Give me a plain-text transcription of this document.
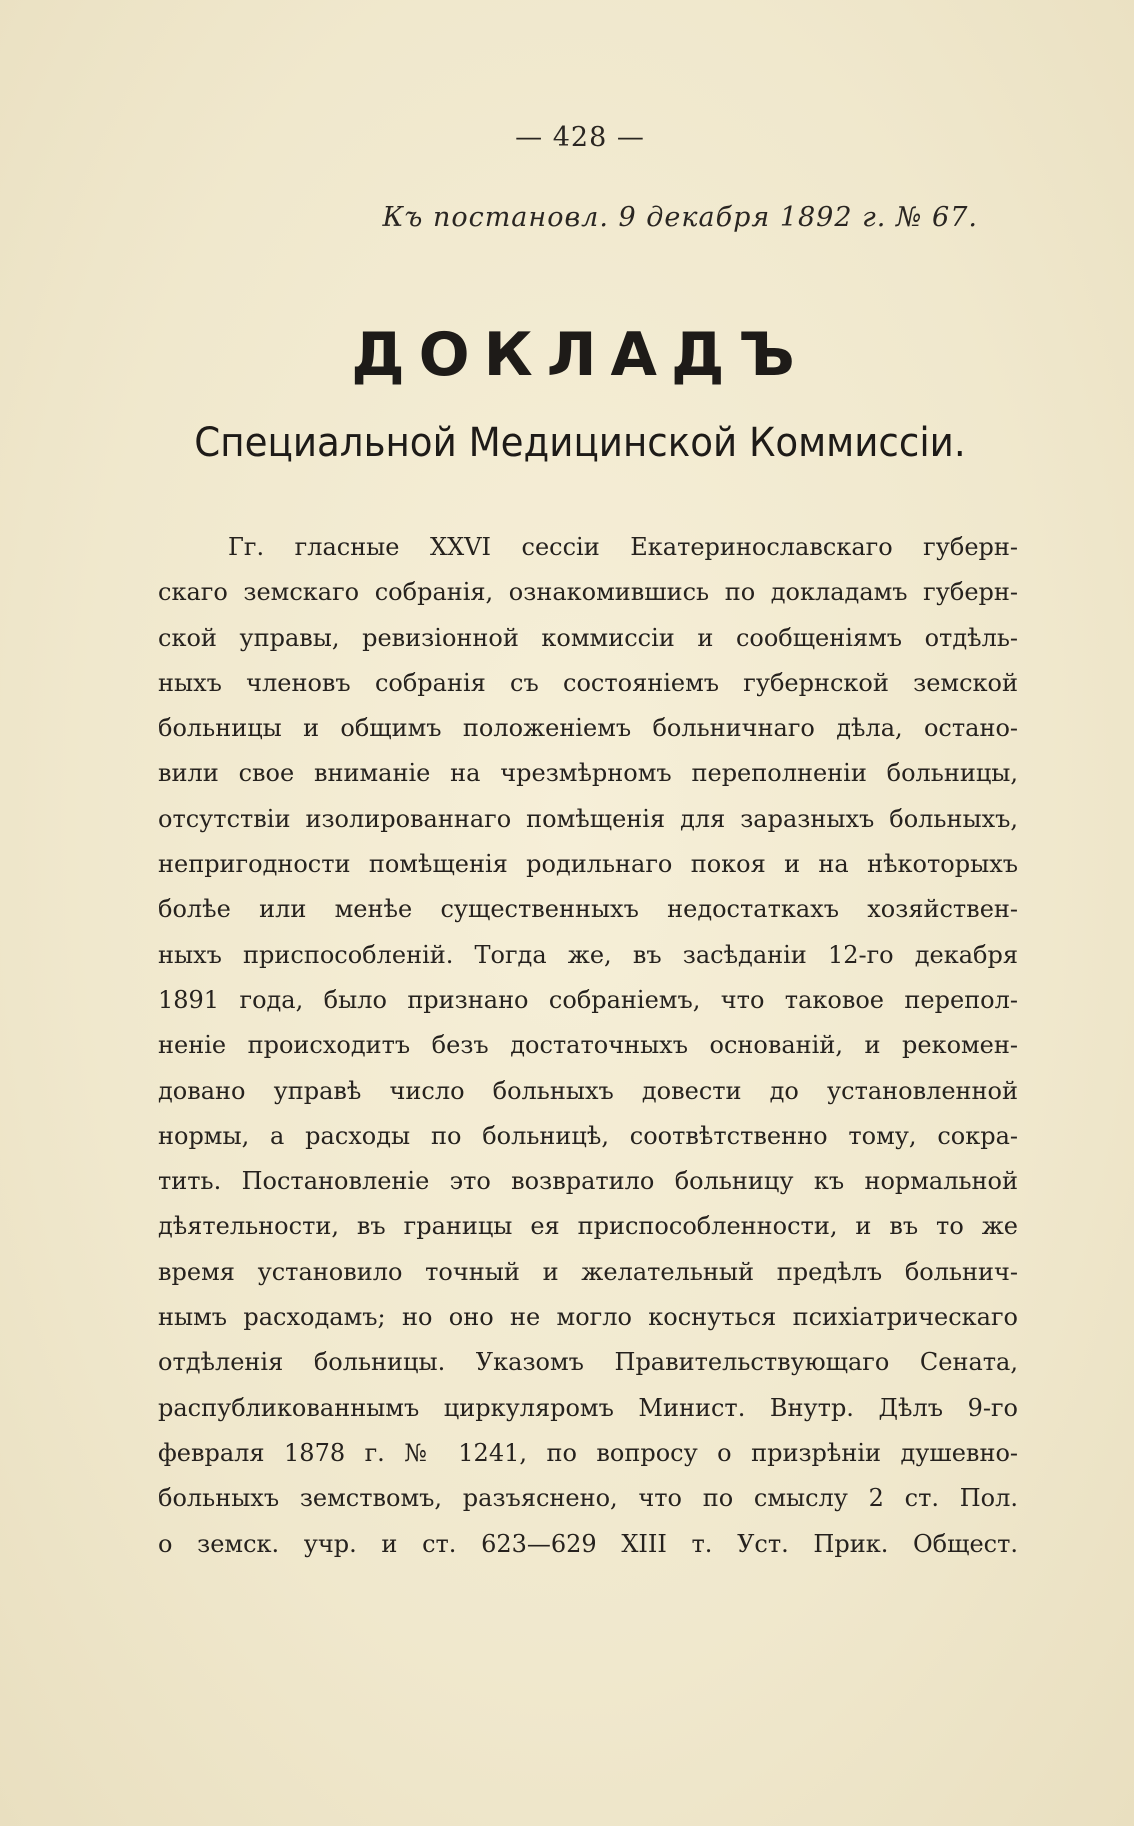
— 428 —
Къ постановл. 9 декабря 1892 г. № 67.
ДОКЛАДЪ
Специальной Медицинской Коммиссіи.
Гг. гласные XXVI сессіи Екатеринославскаго губерн-
скаго земскаго собранія, ознакомившись по докладамъ губерн-
ской управы, ревизіонной коммиссіи и сообщеніямъ отдѣль-
ныхъ членовъ собранія съ состояніемъ губернской земской
больницы и общимъ положеніемъ больничнаго дѣла, остано-
вили свое вниманіе на чрезмѣрномъ переполненіи больницы,
отсутствіи изолированнаго помѣщенія для заразныхъ больныхъ,
непригодности помѣщенія родильнаго покоя и на нѣкоторыхъ
болѣе или менѣе существенныхъ недостаткахъ хозяйствен-
ныхъ приспособленій. Тогда же, въ засѣданіи 12-го декабря
1891 года, было признано собраніемъ, что таковое перепол-
неніе происходитъ безъ достаточныхъ основаній, и рекомен-
довано управѣ число больныхъ довести до установленной
нормы, а расходы по больницѣ, соотвѣтственно тому, сокра-
тить. Постановленіе это возвратило больницу къ нормальной
дѣятельности, въ границы ея приспособленности, и въ то же
время установило точный и желательный предѣлъ больнич-
нымъ расходамъ; но оно не могло коснуться психіатрическаго
отдѣленія больницы. Указомъ Правительствующаго Сената,
распубликованнымъ циркуляромъ Минист. Внутр. Дѣлъ 9-го
февраля 1878 г. № 1241, по вопросу о призрѣніи душевно-
больныхъ земствомъ, разъяснено, что по смыслу 2 ст. Пол.
о земск. учр. и ст. 623—629 XIII т. Уст. Прик. Общест.
